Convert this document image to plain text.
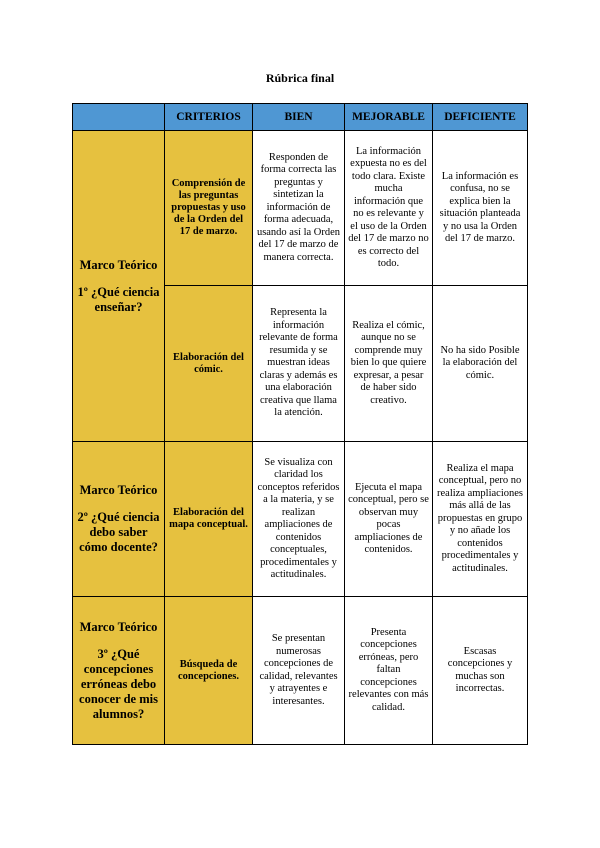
Rúbrica final
	CRITERIOS	BIEN	MEJORABLE	DEFICIENTE
Marco Teórico
1º ¿Qué ciencia enseñar?	Comprensión de las preguntas propuestas y uso de la Orden del 17 de marzo.	Responden de forma correcta las preguntas y sintetizan la información de forma adecuada, usando así la Orden del 17 de marzo de manera correcta.	La información expuesta no es del todo clara. Existe mucha información que no es relevante y el uso de la Orden del 17 de marzo no es correcto del todo.	La información es confusa, no se explica bien la situación planteada y no usa la Orden del 17 de marzo.
	Elaboración del cómic.	Representa la información relevante de forma resumida y se muestran ideas claras y además es una elaboración creativa que llama la atención.	Realiza el cómic, aunque no se comprende muy bien lo que quiere expresar, a pesar de haber sido creativo.	No ha sido Posible la elaboración del cómic.
Marco Teórico
2º ¿Qué ciencia debo saber cómo docente?	Elaboración del mapa conceptual.	Se visualiza con claridad los conceptos referidos a la materia, y se realizan ampliaciones de contenidos conceptuales, procedimentales y actitudinales.	Ejecuta el mapa conceptual, pero se observan muy pocas ampliaciones de contenidos.	Realiza el mapa conceptual, pero no realiza ampliaciones más allá de las propuestas en grupo y no añade los contenidos procedimentales y actitudinales.
Marco Teórico
3º ¿Qué concepciones erróneas debo conocer de mis alumnos?	Búsqueda de concepciones.	Se presentan numerosas concepciones de calidad, relevantes y atrayentes e interesantes.	Presenta concepciones erróneas, pero faltan concepciones relevantes con más calidad.	Escasas concepciones y muchas son incorrectas.
